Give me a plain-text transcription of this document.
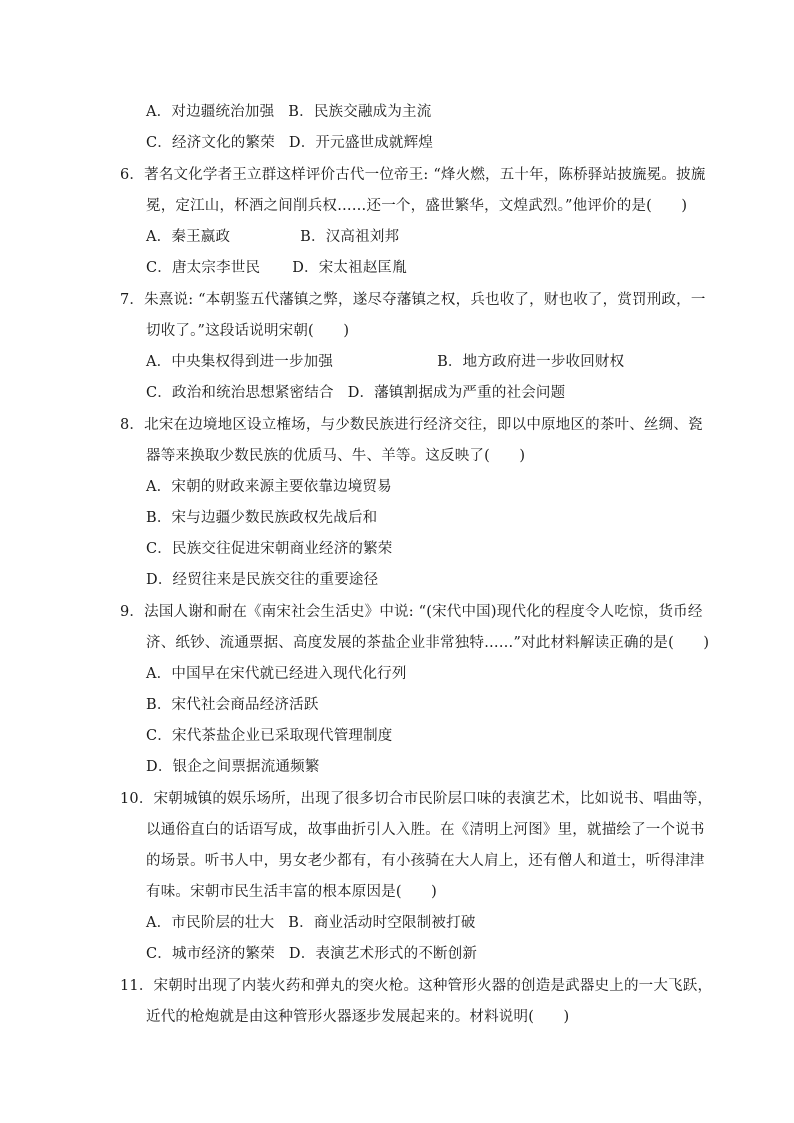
A．对边疆统治加强 B．民族交融成为主流
C．经济文化的繁荣 D．开元盛世成就辉煌
6．著名文化学者王立群这样评价古代一位帝王: “烽火燃，五十年，陈桥驿站披旒冕。披旒
冕，定江山，杯酒之间削兵权……还一个，盛世繁华，文煌武烈。”他评价的是(　　)
A．秦王嬴政	B．汉高祖刘邦
C．唐太宗李世民 D．宋太祖赵匡胤
7．朱熹说: “本朝鉴五代藩镇之弊，遂尽夺藩镇之权，兵也收了，财也收了，赏罚刑政，一
切收了。”这段话说明宋朝(　　)
A．中央集权得到进一步加强	B．地方政府进一步收回财权
C．政治和统治思想紧密结合 D．藩镇割据成为严重的社会问题
8．北宋在边境地区设立榷场，与少数民族进行经济交往，即以中原地区的茶叶、丝绸、瓷
器等来换取少数民族的优质马、牛、羊等。这反映了(　　)
A．宋朝的财政来源主要依靠边境贸易
B．宋与边疆少数民族政权先战后和
C．民族交往促进宋朝商业经济的繁荣
D．经贸往来是民族交往的重要途径
9．法国人谢和耐在《南宋社会生活史》中说: “(宋代中国)现代化的程度令人吃惊，货币经
济、纸钞、流通票据、高度发展的茶盐企业非常独特……”对此材料解读正确的是(　　)
A．中国早在宋代就已经进入现代化行列
B．宋代社会商品经济活跃
C．宋代茶盐企业已采取现代管理制度
D．银企之间票据流通频繁
10．宋朝城镇的娱乐场所，出现了很多切合市民阶层口味的表演艺术，比如说书、唱曲等，
以通俗直白的话语写成，故事曲折引人入胜。在《清明上河图》里，就描绘了一个说书
的场景。听书人中，男女老少都有，有小孩骑在大人肩上，还有僧人和道士，听得津津
有味。宋朝市民生活丰富的根本原因是(　　)
A．市民阶层的壮大 B．商业活动时空限制被打破
C．城市经济的繁荣 D．表演艺术形式的不断创新
11．宋朝时出现了内装火药和弹丸的突火枪。这种管形火器的创造是武器史上的一大飞跃，
近代的枪炮就是由这种管形火器逐步发展起来的。材料说明(　　)
